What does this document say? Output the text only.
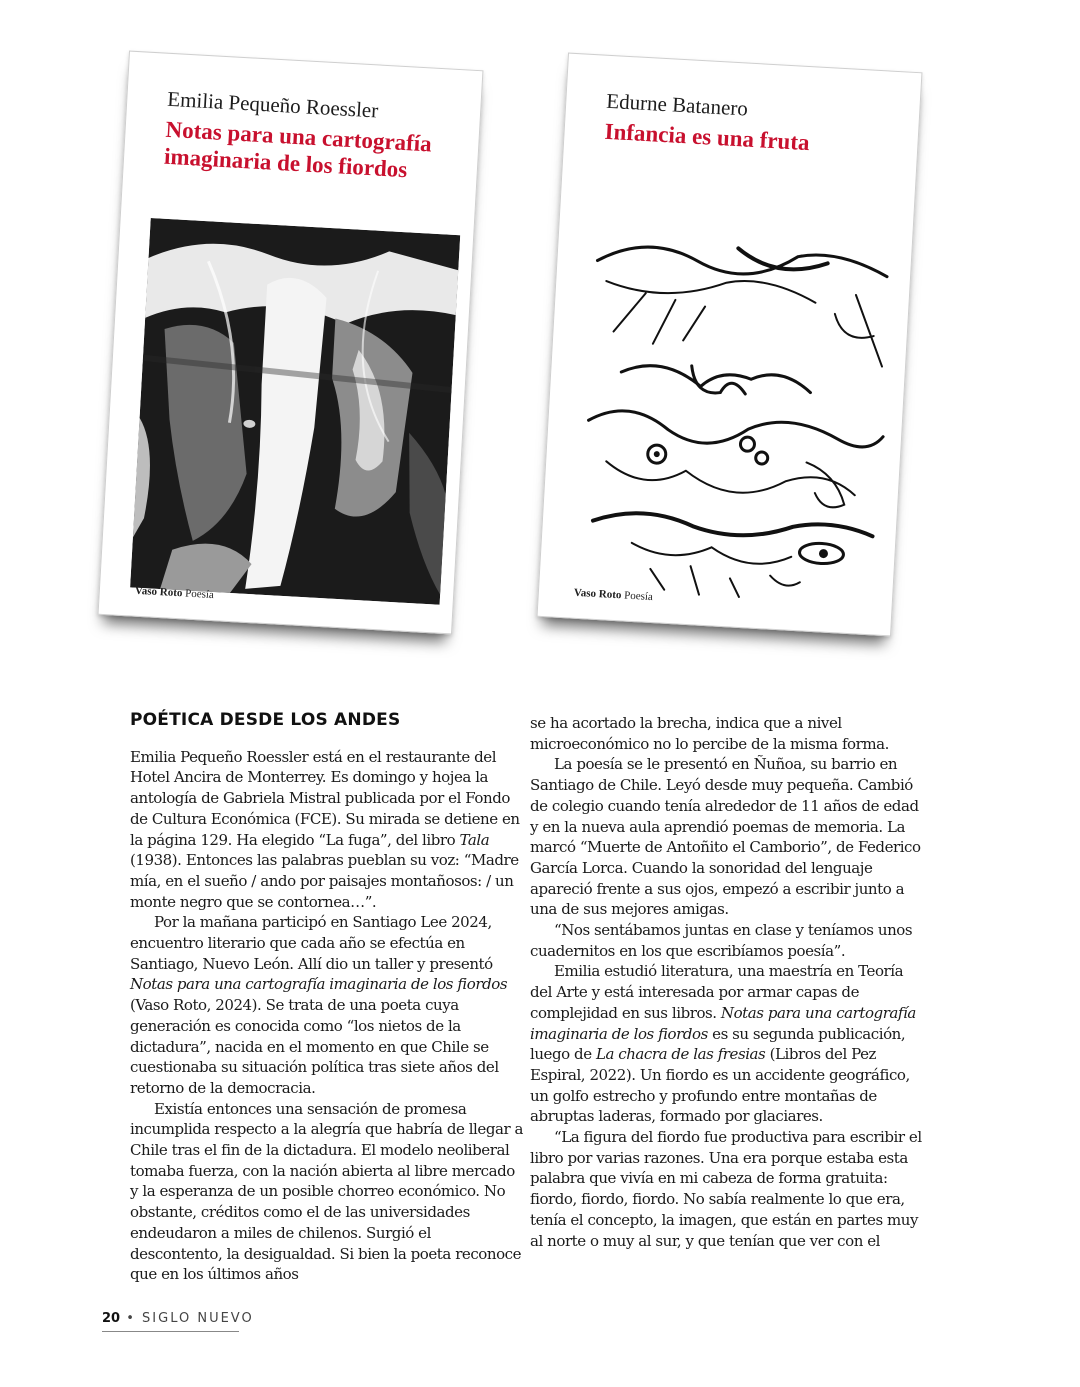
Emilia Pequeño Roessler
Notas para una cartografía imaginaria de los fiordos
Vaso Roto Poesía
Edurne Batanero
Infancia es una fruta
Vaso Roto Poesía
POÉTICA DESDE LOS ANDES

Emilia Pequeño Roessler está en el restaurante del Hotel Ancira de Monterrey. Es domingo y hojea la antología de Gabriela Mistral publicada por el Fondo de Cultura Económica (FCE). Su mirada se detiene en la página 129. Ha elegido “La fuga”, del libro Tala (1938). Entonces las palabras pueblan su voz: “Madre mía, en el sueño / ando por paisajes montañosos: / un monte negro que se contornea…”.

Por la mañana participó en Santiago Lee 2024, encuentro literario que cada año se efectúa en Santiago, Nuevo León. Allí dio un taller y presentó Notas para una cartografía imaginaria de los fiordos (Vaso Roto, 2024). Se trata de una poeta cuya generación es conocida como “los nietos de la dictadura”, nacida en el momento en que Chile se cuestionaba su situación política tras siete años del retorno de la democracia.

Existía entonces una sensación de promesa incumplida respecto a la alegría que habría de llegar a Chile tras el fin de la dictadura. El modelo neoliberal tomaba fuerza, con la nación abierta al libre mercado y la esperanza de un posible chorreo económico. No obstante, créditos como el de las universidades endeudaron a miles de chilenos. Surgió el descontento, la desigualdad. Si bien la poeta reconoce que en los últimos años

se ha acortado la brecha, indica que a nivel microeconómico no lo percibe de la misma forma.

La poesía se le presentó en Ñuñoa, su barrio en Santiago de Chile. Leyó desde muy pequeña. Cambió de colegio cuando tenía alrededor de 11 años de edad y en la nueva aula aprendió poemas de memoria. La marcó “Muerte de Antoñito el Camborio”, de Federico García Lorca. Cuando la sonoridad del lenguaje apareció frente a sus ojos, empezó a escribir junto a una de sus mejores amigas.

“Nos sentábamos juntas en clase y teníamos unos cuadernitos en los que escribíamos poesía”.

Emilia estudió literatura, una maestría en Teoría del Arte y está interesada por armar capas de complejidad en sus libros. Notas para una cartografía imaginaria de los fiordos es su segunda publicación, luego de La chacra de las fresias (Libros del Pez Espiral, 2022). Un fiordo es un accidente geográfico, un golfo estrecho y profundo entre montañas de abruptas laderas, formado por glaciares.

“La figura del fiordo fue productiva para escribir el libro por varias razones. Una era porque estaba esta palabra que vivía en mi cabeza de forma gratuita: fiordo, fiordo, fiordo. No sabía realmente lo que era, tenía el concepto, la imagen, que están en partes muy al norte o muy al sur, y que tenían que ver con el

20 • SIGLO NUEVO
